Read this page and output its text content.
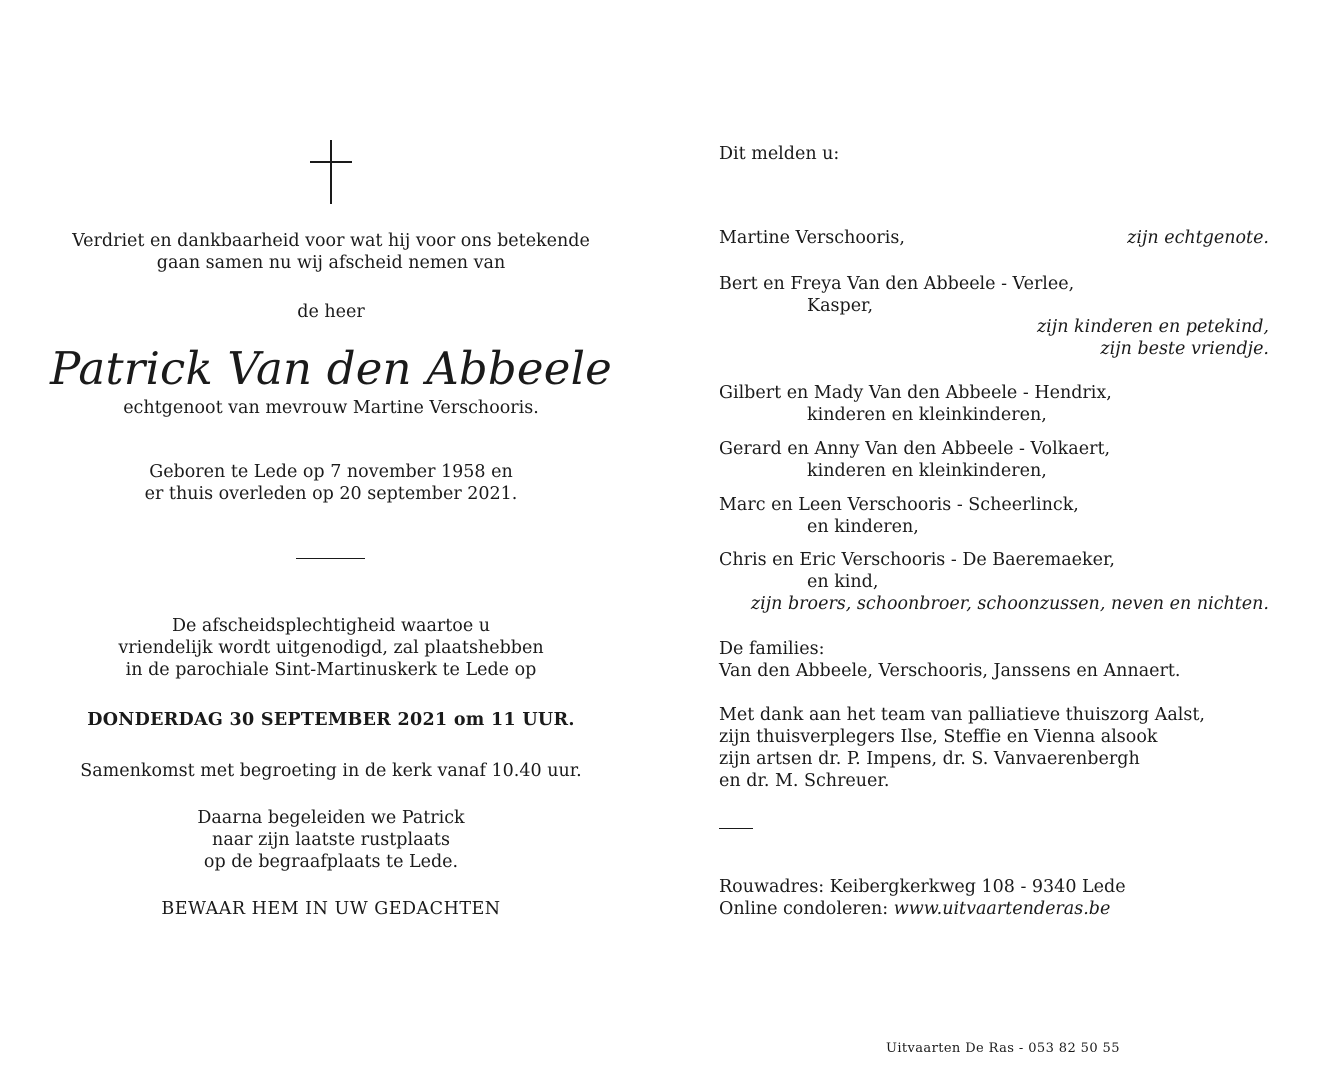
Verdriet en dankbaarheid voor wat hij voor ons betekende
gaan samen nu wij afscheid nemen van
de heer
Patrick Van den Abbeele
echtgenoot van mevrouw Martine Verschooris.
Geboren te Lede op 7 november 1958 en
er thuis overleden op 20 september 2021.
De afscheidsplechtigheid waartoe u
vriendelijk wordt uitgenodigd, zal plaatshebben
in de parochiale Sint-Martinuskerk te Lede op
DONDERDAG 30 SEPTEMBER 2021 om 11 UUR.
Samenkomst met begroeting in de kerk vanaf 10.40 uur.
Daarna begeleiden we Patrick
naar zijn laatste rustplaats
op de begraafplaats te Lede.
BEWAAR HEM IN UW GEDACHTEN
Dit melden u:
Martine Verschooris,	zijn echtgenote.
Bert en Freya Van den Abbeele - Verlee,
Kasper,
zijn kinderen en petekind,
zijn beste vriendje.
Gilbert en Mady Van den Abbeele - Hendrix,
kinderen en kleinkinderen,
Gerard en Anny Van den Abbeele - Volkaert,
kinderen en kleinkinderen,
Marc en Leen Verschooris - Scheerlinck,
en kinderen,
Chris en Eric Verschooris - De Baeremaeker,
en kind,
zijn broers, schoonbroer, schoonzussen, neven en nichten.
De families:
Van den Abbeele, Verschooris, Janssens en Annaert.
Met dank aan het team van palliatieve thuiszorg Aalst,
zijn thuisverplegers Ilse, Steffie en Vienna alsook
zijn artsen dr. P. Impens, dr. S. Vanvaerenbergh
en dr. M. Schreuer.
Rouwadres: Keibergkerkweg 108 - 9340 Lede
Online condoleren: www.uitvaartenderas.be
Uitvaarten De Ras - 053 82 50 55
